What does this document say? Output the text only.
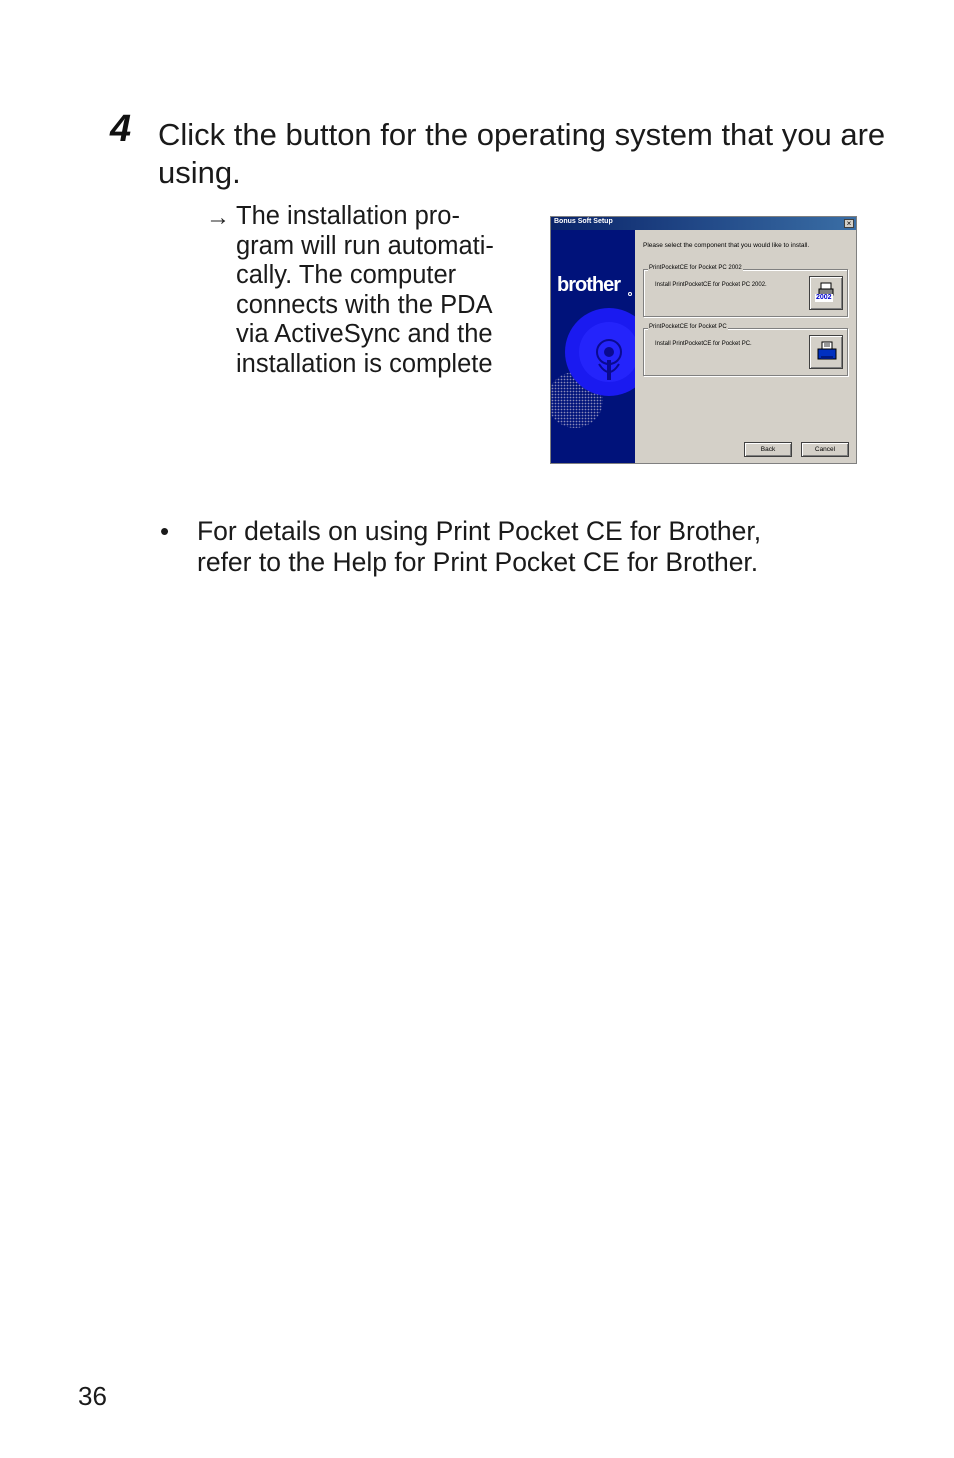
4 Click the button for the operating system that you are using.
→ The installation pro-
gram will run automati-
cally. The computer
connects with the PDA
via ActiveSync and the
installation is complete
Bonus Soft Setup	×
brother
Please select the component that you would like to install.
PrintPocketCE for Pocket PC 2002
Install PrintPocketCE for Pocket PC 2002.
2002
PrintPocketCE for Pocket PC
Install PrintPocketCE for Pocket PC.
Back	Cancel
• For details on using Print Pocket CE for Brother,
refer to the Help for Print Pocket CE for Brother.
36
